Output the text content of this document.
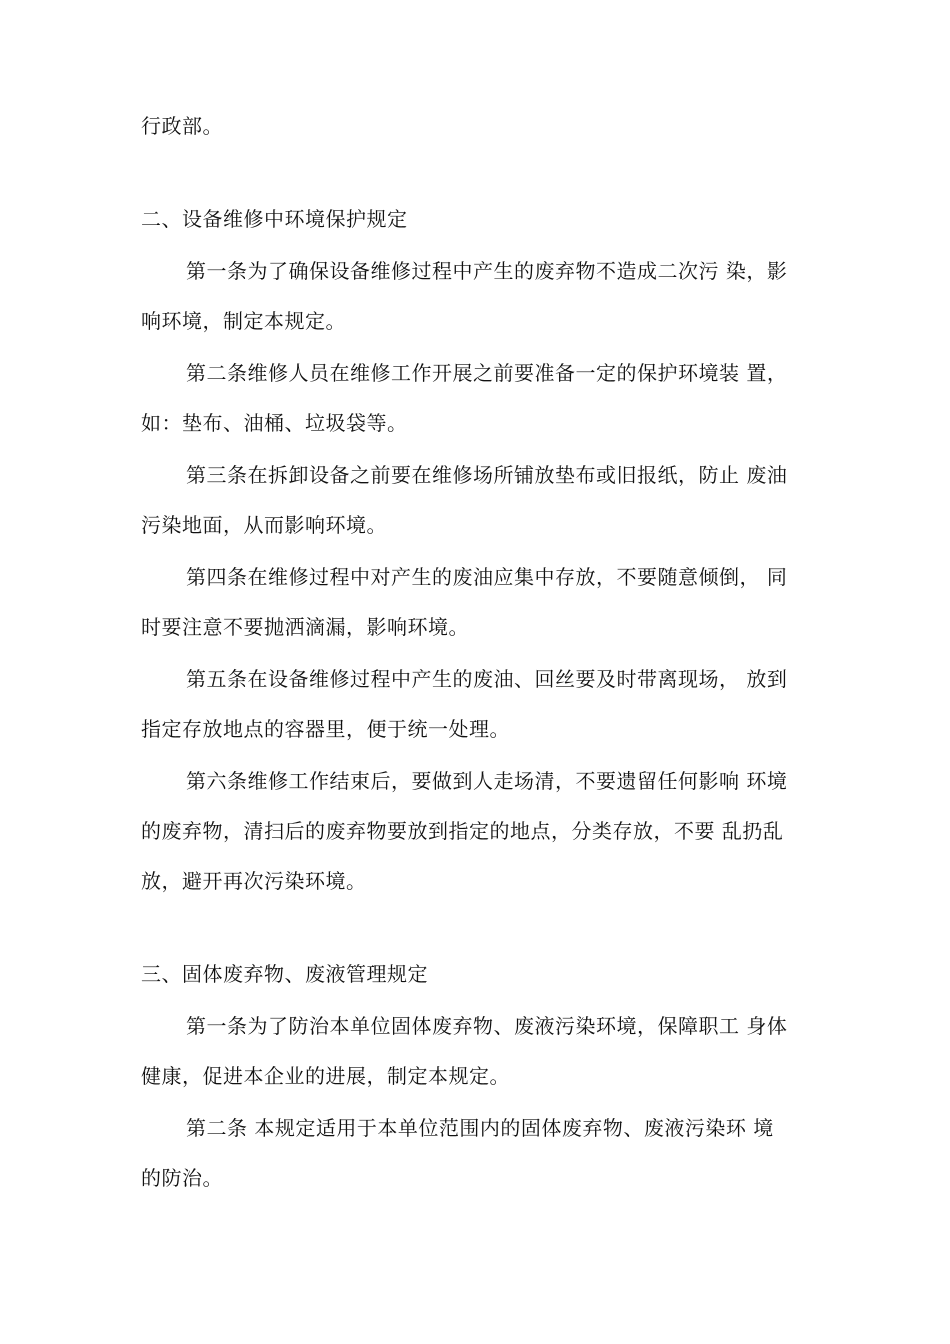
行政部。
二、设备维修中环境保护规定
第一条为了确保设备维修过程中产生的废弃物不造成二次污 染，影
响环境，制定本规定。
第二条维修人员在维修工作开展之前要准备一定的保护环境装 置，
如：垫布、油桶、垃圾袋等。
第三条在拆卸设备之前要在维修场所铺放垫布或旧报纸，防止 废油
污染地面，从而影响环境。
第四条在维修过程中对产生的废油应集中存放，不要随意倾倒， 同
时要注意不要抛洒滴漏，影响环境。
第五条在设备维修过程中产生的废油、回丝要及时带离现场， 放到
指定存放地点的容器里，便于统一处理。
第六条维修工作结束后，要做到人走场清，不要遗留任何影响 环境
的废弃物，清扫后的废弃物要放到指定的地点，分类存放，不要 乱扔乱
放，避开再次污染环境。
三、固体废弃物、废液管理规定
第一条为了防治本单位固体废弃物、废液污染环境，保障职工 身体
健康，促进本企业的进展，制定本规定。
第二条 本规定适用于本单位范围内的固体废弃物、废液污染环 境
的防治。
